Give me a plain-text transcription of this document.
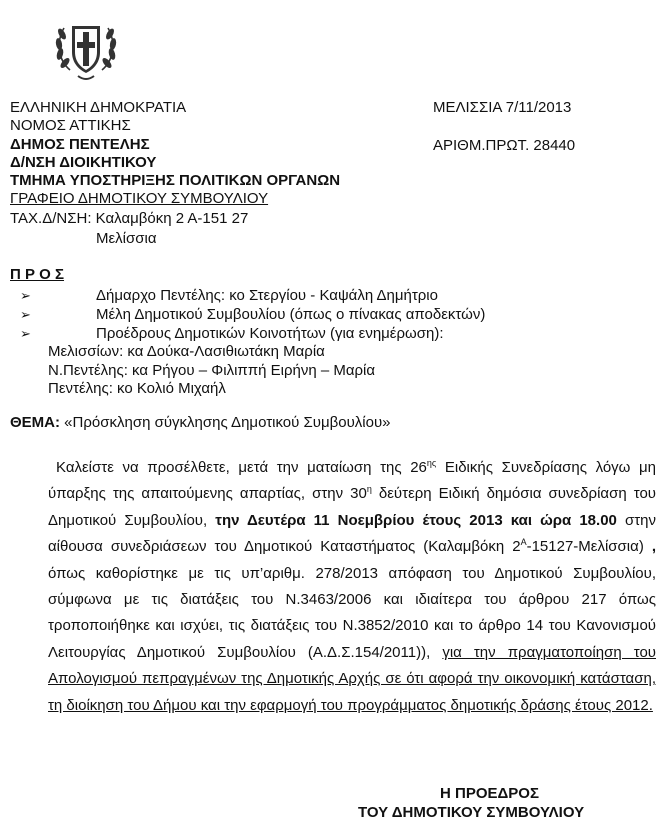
ΕΛΛΗΝΙΚΗ ΔΗΜΟΚΡΑΤΙΑ
ΝΟΜΟΣ ΑΤΤΙΚΗΣ
ΔΗΜΟΣ ΠΕΝΤΕΛΗΣ
Δ/ΝΣΗ ΔΙΟΙΚΗΤΙΚΟΥ
ΤΜΗΜΑ ΥΠΟΣΤΗΡΙΞΗΣ ΠΟΛΙΤΙΚΩΝ ΟΡΓΑΝΩΝ
ΓΡΑΦΕΙΟ ΔΗΜΟΤΙΚΟΥ ΣΥΜΒΟΥΛΙΟΥ
ΤΑΧ.Δ/ΝΣΗ: Καλαμβόκη 2 Α-151 27
Μελίσσια
ΜΕΛΙΣΣΙΑ 7/11/2013
ΑΡΙΘΜ.ΠΡΩΤ. 28440
Π Ρ Ο Σ
➢	Δήμαρχο Πεντέλης: κο Στεργίου - Καψάλη Δημήτριο
➢	Μέλη Δημοτικού Συμβουλίου (όπως ο πίνακας αποδεκτών)
➢	Προέδρους Δημοτικών Κοινοτήτων (για ενημέρωση):
Μελισσίων: κα Δούκα-Λασιθιωτάκη Μαρία
Ν.Πεντέλης: κα Ρήγου – Φιλιππή Ειρήνη – Μαρία
Πεντέλης: κο Κολιό Μιχαήλ
ΘΕΜΑ: «Πρόσκληση σύγκλησης Δημοτικού Συμβουλίου»

Καλείστε να προσέλθετε, μετά την ματαίωση της $26^{\eta\varsigma}$ Ειδικής Συνεδρίασης λόγω μη ύπαρξης της απαιτούμενης απαρτίας, στην $30^\eta$ δεύτερη Ειδική δημόσια συνεδρίαση του Δημοτικού Συμβουλίου, την Δευτέρα 11 Νοεμβρίου έτους 2013 και ώρα 18.00 στην αίθουσα συνεδριάσεων του Δημοτικού Καταστήματος (Καλαμβόκη $2^A-15127-M\varepsilon\lambda ί\sigma\sigma\iota\alpha$) , όπως καθορίστηκε με τις υπ’αριθμ. 278/2013 απόφαση του Δημοτικού Συμβουλίου, σύμφωνα με τις διατάξεις του Ν.3463/2006 και ιδιαίτερα του άρθρου 217 όπως τροποποιήθηκε και ισχύει, τις διατάξεις του Ν.3852/2010 και το άρθρο 14 του Κανονισμού Λειτουργίας Δημοτικού Συμβουλίου (Α.Δ.Σ.154/2011)), για την πραγματοποίηση του Απολογισμού πεπραγμένων της Δημοτικής Αρχής σε ότι αφορά την οικονομική κατάσταση, τη διοίκηση του Δήμου και την εφαρμογή του προγράμματος δημοτικής δράσης έτους 2012.

Η ΠΡΟΕΔΡΟΣ
ΤΟΥ ΔΗΜΟΤΙΚΟΥ ΣΥΜΒΟΥΛΙΟΥ
